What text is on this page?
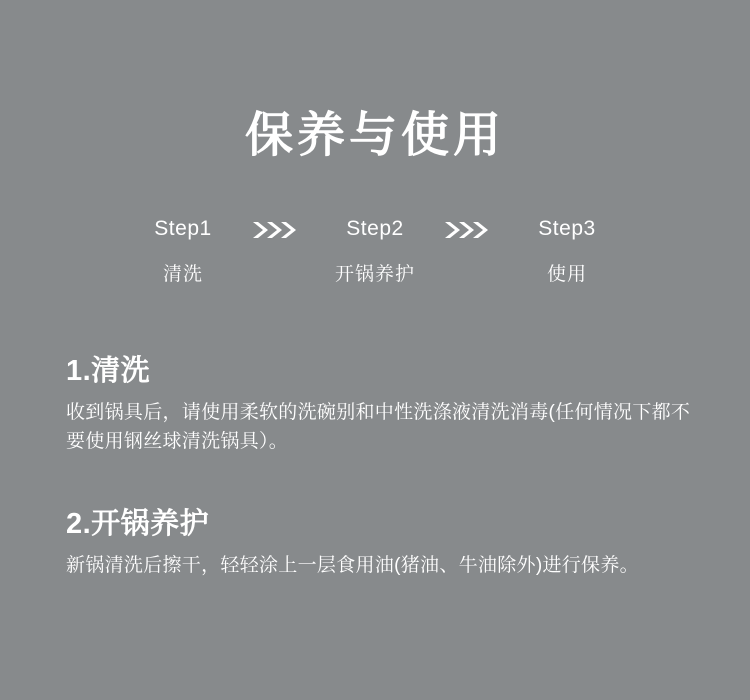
保养与使用
Step1
清洗
Step2
开锅养护
Step3
使用
1.清洗
收到锅具后，请使用柔软的洗碗别和中性洗涤液清洗消毒(任何情况下都不要使用钢丝球清洗锅具）。
2.开锅养护
新锅清洗后擦干，轻轻涂上一层食用油(猪油、牛油除外)进行保养。
